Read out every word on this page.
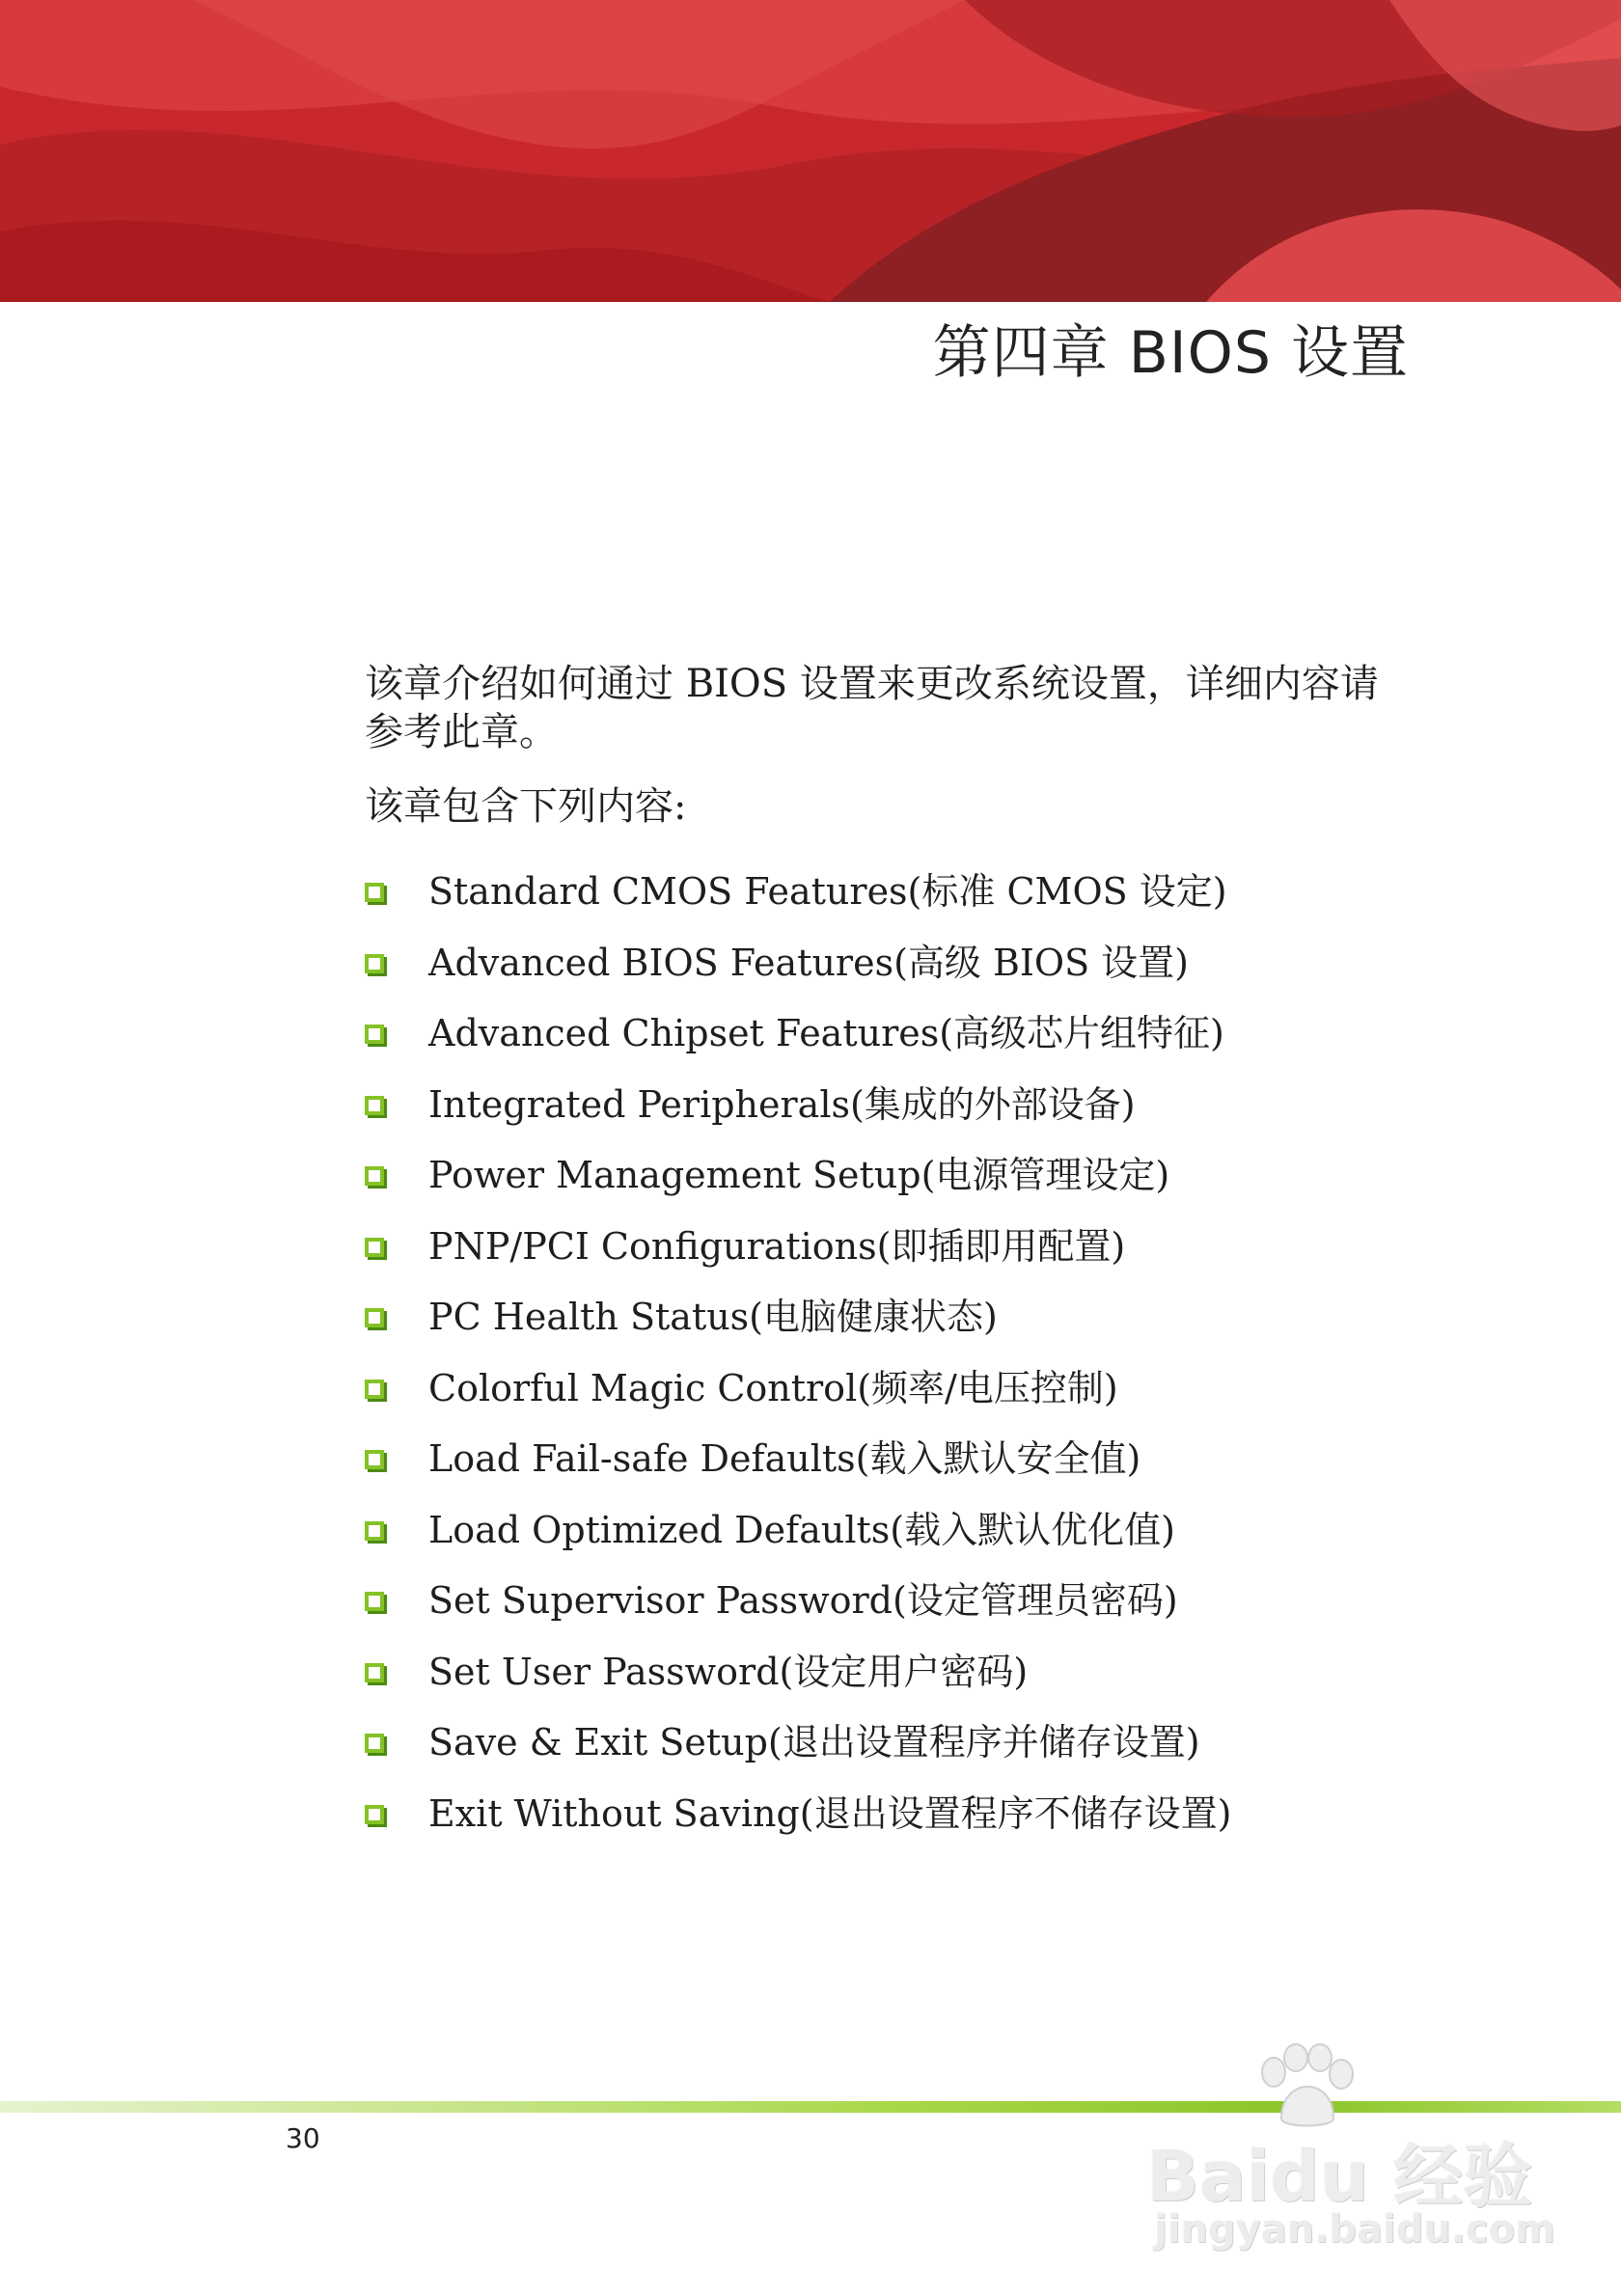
第四章 BIOS 设置
该章介绍如何通过 BIOS 设置来更改系统设置，详细内容请参考此章。
该章包含下列内容:
Standard CMOS Features(标准 CMOS 设定)
Advanced BIOS Features(高级 BIOS 设置)
Advanced Chipset Features(高级芯片组特征)
Integrated Peripherals(集成的外部设备)
Power Management Setup(电源管理设定)
PNP/PCI Configurations(即插即用配置)
PC Health Status(电脑健康状态)
Colorful Magic Control(频率/电压控制)
Load Fail-safe Defaults(载入默认安全值)
Load Optimized Defaults(载入默认优化值)
Set Supervisor Password(设定管理员密码)
Set User Password(设定用户密码)
Save & Exit Setup(退出设置程序并储存设置)
Exit Without Saving(退出设置程序不储存设置)
30	Baidu 经验
jingyan.baidu.com
